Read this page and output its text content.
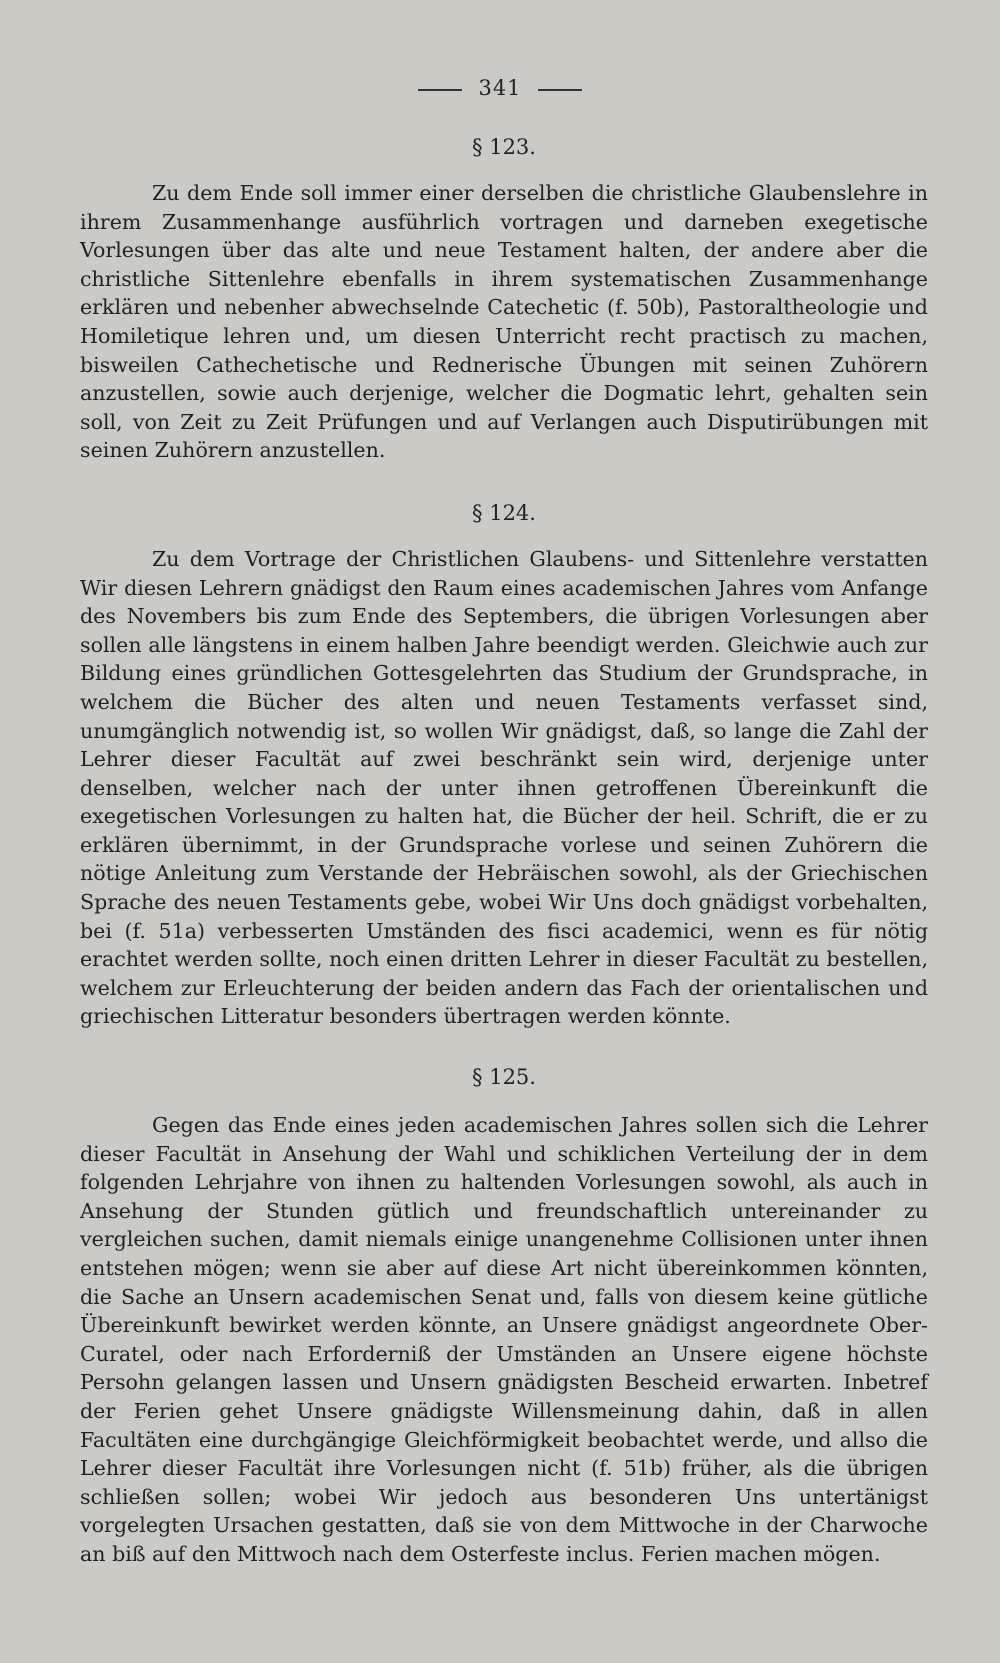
341
§ 123.

Zu dem Ende soll immer einer derselben die christliche Glaubenslehre in ihrem Zusammenhange ausführlich vortragen und darneben exegetische Vorlesungen über das alte und neue Testament halten, der andere aber die christliche Sittenlehre ebenfalls in ihrem systematischen Zusammenhange erklären und nebenher abwechselnde Catechetic (f. 50b), Pastoraltheologie und Homiletique lehren und, um diesen Unterricht recht practisch zu machen, bisweilen Cathechetische und Rednerische Übungen mit seinen Zuhörern anzustellen, sowie auch derjenige, welcher die Dogmatic lehrt, gehalten sein soll, von Zeit zu Zeit Prüfungen und auf Verlangen auch Disputirübungen mit seinen Zuhörern anzustellen.

§ 124.

Zu dem Vortrage der Christlichen Glaubens- und Sittenlehre verstatten Wir diesen Lehrern gnädigst den Raum eines academischen Jahres vom Anfange des Novembers bis zum Ende des Septembers, die übrigen Vorlesungen aber sollen alle längstens in einem halben Jahre beendigt werden. Gleichwie auch zur Bildung eines gründlichen Gottesgelehrten das Studium der Grundsprache, in welchem die Bücher des alten und neuen Testaments verfasset sind, unumgänglich notwendig ist, so wollen Wir gnädigst, daß, so lange die Zahl der Lehrer dieser Facultät auf zwei beschränkt sein wird, derjenige unter denselben, welcher nach der unter ihnen getroffenen Übereinkunft die exegetischen Vorlesungen zu halten hat, die Bücher der heil. Schrift, die er zu erklären übernimmt, in der Grundsprache vorlese und seinen Zuhörern die nötige Anleitung zum Verstande der Hebräischen sowohl, als der Griechischen Sprache des neuen Testaments gebe, wobei Wir Uns doch gnädigst vorbehalten, bei (f. 51a) verbesserten Umständen des fisci academici, wenn es für nötig erachtet werden sollte, noch einen dritten Lehrer in dieser Facultät zu bestellen, welchem zur Erleuchterung der beiden andern das Fach der orientalischen und griechischen Litteratur besonders übertragen werden könnte.

§ 125.

Gegen das Ende eines jeden academischen Jahres sollen sich die Lehrer dieser Facultät in Ansehung der Wahl und schiklichen Verteilung der in dem folgenden Lehrjahre von ihnen zu haltenden Vorlesungen sowohl, als auch in Ansehung der Stunden gütlich und freundschaftlich untereinander zu vergleichen suchen, damit niemals einige unangenehme Collisionen unter ihnen entstehen mögen; wenn sie aber auf diese Art nicht übereinkommen könnten, die Sache an Unsern academischen Senat und, falls von diesem keine gütliche Übereinkunft bewirket werden könnte, an Unsere gnädigst angeordnete Ober-Curatel, oder nach Erforderniß der Umständen an Unsere eigene höchste Persohn gelangen lassen und Unsern gnädigsten Bescheid erwarten. Inbetref der Ferien gehet Unsere gnädigste Willensmeinung dahin, daß in allen Facultäten eine durchgängige Gleichförmigkeit beobachtet werde, und allso die Lehrer dieser Facultät ihre Vorlesungen nicht (f. 51b) früher, als die übrigen schließen sollen; wobei Wir jedoch aus besonderen Uns untertänigst vorgelegten Ursachen gestatten, daß sie von dem Mittwoche in der Charwoche an biß auf den Mittwoch nach dem Osterfeste inclus. Ferien machen mögen.
